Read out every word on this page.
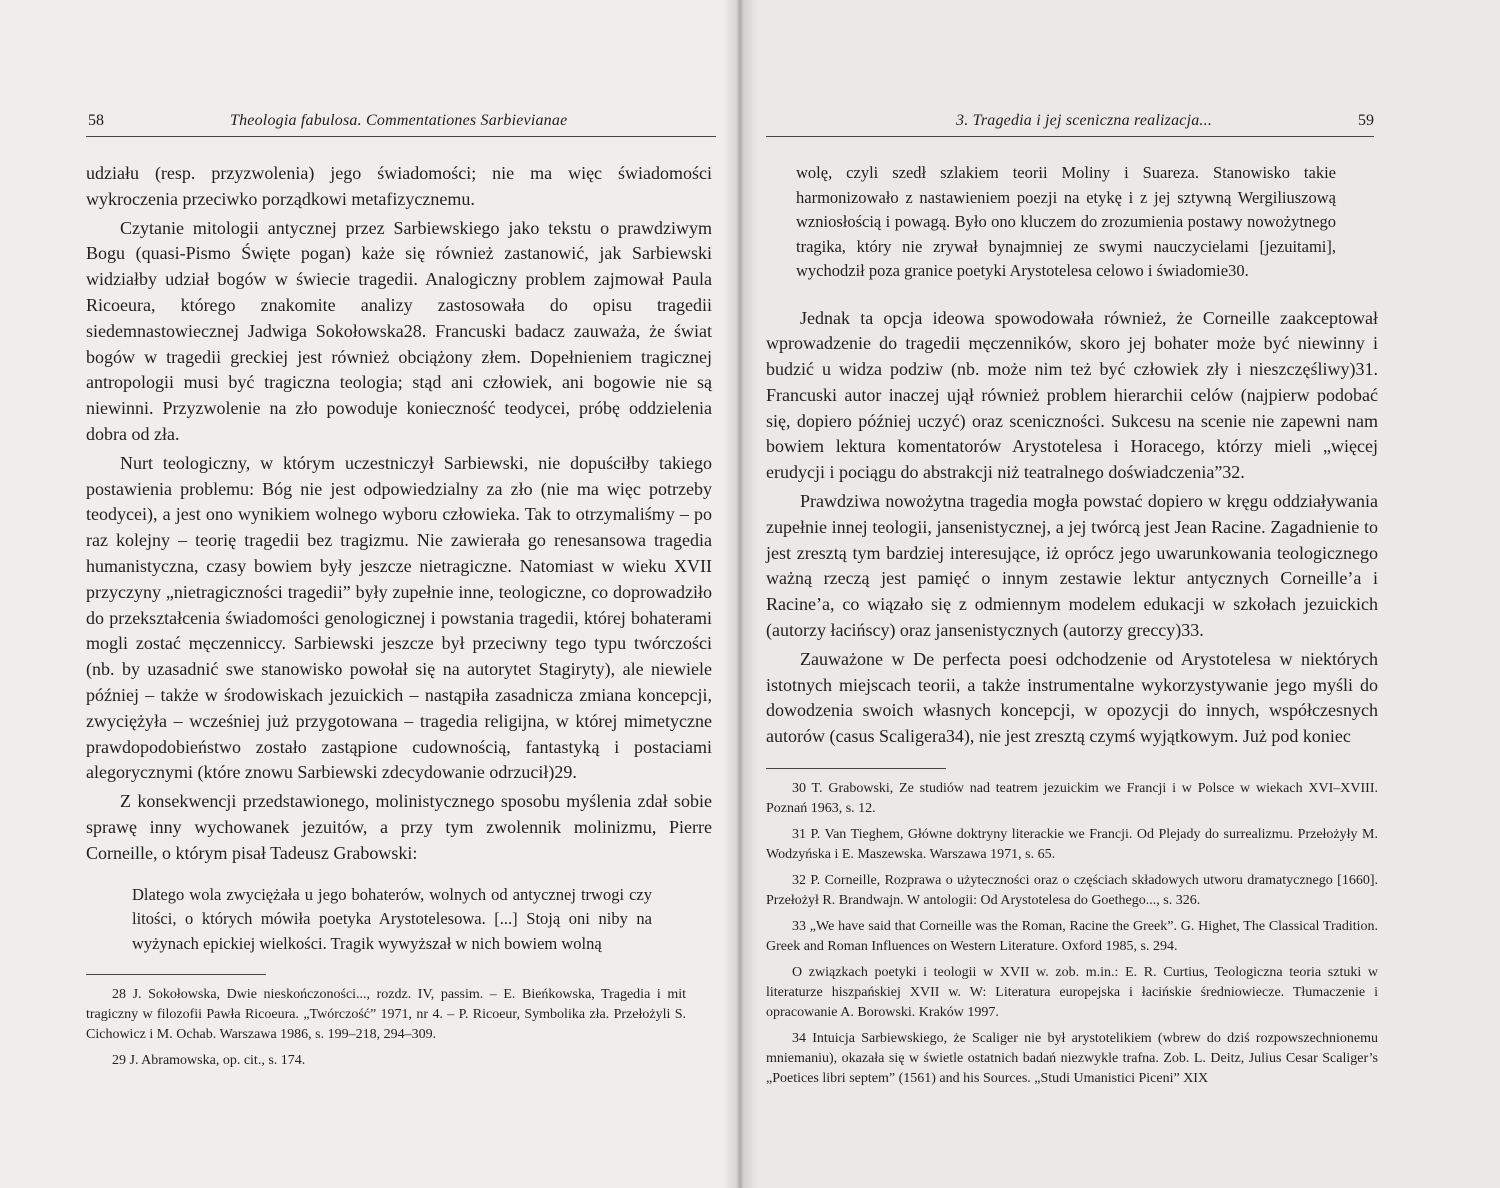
58	Theologia fabulosa. Commentationes Sarbievianae

udziału (resp. przyzwolenia) jego świadomości; nie ma więc świadomości wykroczenia przeciwko porządkowi metafizycznemu.

Czytanie mitologii antycznej przez Sarbiewskiego jako tekstu o prawdziwym Bogu (quasi-Pismo Święte pogan) każe się również zastanowić, jak Sarbiewski widziałby udział bogów w świecie tragedii. Analogiczny problem zajmował Paula Ricoeura, którego znakomite analizy zastosowała do opisu tragedii siedemnastowiecznej Jadwiga Sokołowska28. Francuski badacz zauważa, że świat bogów w tragedii greckiej jest również obciążony złem. Dopełnieniem tragicznej antropologii musi być tragiczna teologia; stąd ani człowiek, ani bogowie nie są niewinni. Przyzwolenie na zło powoduje konieczność teodycei, próbę oddzielenia dobra od zła.

Nurt teologiczny, w którym uczestniczył Sarbiewski, nie dopuściłby takiego postawienia problemu: Bóg nie jest odpowiedzialny za zło (nie ma więc potrzeby teodycei), a jest ono wynikiem wolnego wyboru człowieka. Tak to otrzymaliśmy – po raz kolejny – teorię tragedii bez tragizmu. Nie zawierała go renesansowa tragedia humanistyczna, czasy bowiem były jeszcze nietragiczne. Natomiast w wieku XVII przyczyny „nietragiczności tragedii” były zupełnie inne, teologiczne, co doprowadziło do przekształcenia świadomości genologicznej i powstania tragedii, której bohaterami mogli zostać męczenniccy. Sarbiewski jeszcze był przeciwny tego typu twórczości (nb. by uzasadnić swe stanowisko powołał się na autorytet Stagiryty), ale niewiele później – także w środowiskach jezuickich – nastąpiła zasadnicza zmiana koncepcji, zwyciężyła – wcześniej już przygotowana – tragedia religijna, w której mimetyczne prawdopodobieństwo zostało zastąpione cudownością, fantastyką i postaciami alegorycznymi (które znowu Sarbiewski zdecydowanie odrzucił)29.

Z konsekwencji przedstawionego, molinistycznego sposobu myślenia zdał sobie sprawę inny wychowanek jezuitów, a przy tym zwolennik molinizmu, Pierre Corneille, o którym pisał Tadeusz Grabowski:

Dlatego wola zwyciężała u jego bohaterów, wolnych od antycznej trwogi czy litości, o których mówiła poetyka Arystotelesowa. [...] Stoją oni niby na wyżynach epickiej wielkości. Tragik wywyższał w nich bowiem wolną

28 J. Sokołowska, Dwie nieskończoności..., rozdz. IV, passim. – E. Bieńkowska, Tragedia i mit tragiczny w filozofii Pawła Ricoeura. „Twórczość” 1971, nr 4. – P. Ricoeur, Symbolika zła. Przełożyli S. Cichowicz i M. Ochab. Warszawa 1986, s. 199–218, 294–309.

29 J. Abramowska, op. cit., s. 174.

3. Tragedia i jej sceniczna realizacja...	59
wolę, czyli szedł szlakiem teorii Moliny i Suareza. Stanowisko takie harmonizowało z nastawieniem poezji na etykę i z jej sztywną Wergiliuszową wzniosłością i powagą. Było ono kluczem do zrozumienia postawy nowożytnego tragika, który nie zrywał bynajmniej ze swymi nauczycielami [jezuitami], wychodził poza granice poetyki Arystotelesa celowo i świadomie30.

Jednak ta opcja ideowa spowodowała również, że Corneille zaakceptował wprowadzenie do tragedii męczenników, skoro jej bohater może być niewinny i budzić u widza podziw (nb. może nim też być człowiek zły i nieszczęśliwy)31. Francuski autor inaczej ujął również problem hierarchii celów (najpierw podobać się, dopiero później uczyć) oraz sceniczności. Sukcesu na scenie nie zapewni nam bowiem lektura komentatorów Arystotelesa i Horacego, którzy mieli „więcej erudycji i pociągu do abstrakcji niż teatralnego doświadczenia”32.

Prawdziwa nowożytna tragedia mogła powstać dopiero w kręgu oddziaływania zupełnie innej teologii, jansenistycznej, a jej twórcą jest Jean Racine. Zagadnienie to jest zresztą tym bardziej interesujące, iż oprócz jego uwarunkowania teologicznego ważną rzeczą jest pamięć o innym zestawie lektur antycznych Corneille’a i Racine’a, co wiązało się z odmiennym modelem edukacji w szkołach jezuickich (autorzy łacińscy) oraz jansenistycznych (autorzy greccy)33.

Zauważone w De perfecta poesi odchodzenie od Arystotelesa w niektórych istotnych miejscach teorii, a także instrumentalne wykorzystywanie jego myśli do dowodzenia swoich własnych koncepcji, w opozycji do innych, współczesnych autorów (casus Scaligera34), nie jest zresztą czymś wyjątkowym. Już pod koniec

30 T. Grabowski, Ze studiów nad teatrem jezuickim we Francji i w Polsce w wiekach XVI–XVIII. Poznań 1963, s. 12.

31 P. Van Tieghem, Główne doktryny literackie we Francji. Od Plejady do surrealizmu. Przełożyły M. Wodzyńska i E. Maszewska. Warszawa 1971, s. 65.

32 P. Corneille, Rozprawa o użyteczności oraz o częściach składowych utworu dramatycznego [1660]. Przełożył R. Brandwajn. W antologii: Od Arystotelesa do Goethego..., s. 326.

33 „We have said that Corneille was the Roman, Racine the Greek”. G. Highet, The Classical Tradition. Greek and Roman Influences on Western Literature. Oxford 1985, s. 294.

O związkach poetyki i teologii w XVII w. zob. m.in.: E. R. Curtius, Teologiczna teoria sztuki w literaturze hiszpańskiej XVII w. W: Literatura europejska i łacińskie średniowiecze. Tłumaczenie i opracowanie A. Borowski. Kraków 1997.

34 Intuicja Sarbiewskiego, że Scaliger nie był arystotelikiem (wbrew do dziś rozpowszechnionemu mniemaniu), okazała się w świetle ostatnich badań niezwykle trafna. Zob. L. Deitz, Julius Cesar Scaliger’s „Poetices libri septem” (1561) and his Sources. „Studi Umanistici Piceni” XIX
